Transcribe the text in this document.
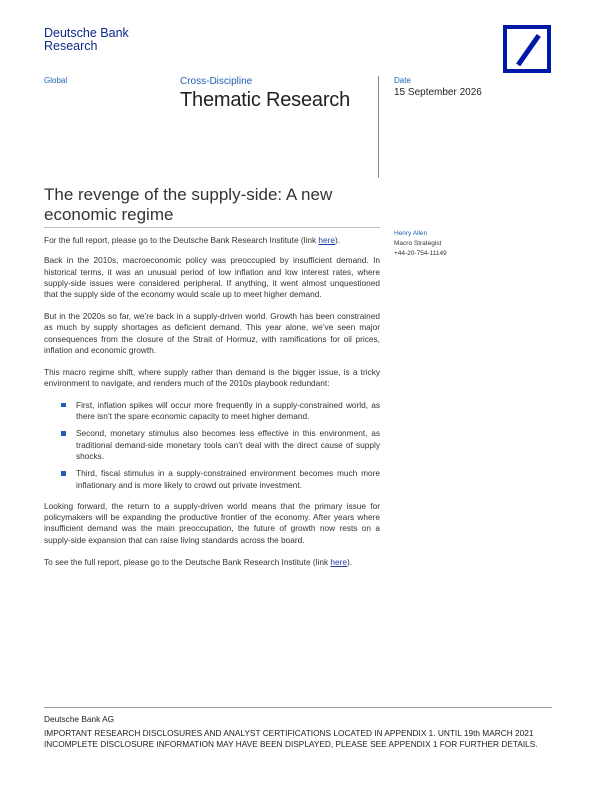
Deutsche Bank
Research
Global	Cross-Discipline
Thematic Research
Date
15 September 2026
The revenge of the supply-side: A new economic regime
Henry Allen
Macro Strategist
+44-20-754-11149

For the full report, please go to the Deutsche Bank Research Institute (link here).

Back in the 2010s, macroeconomic policy was preoccupied by insufficient demand. In historical terms, it was an unusual period of low inflation and low interest rates, where supply-side issues were considered peripheral. If anything, it went almost unquestioned that the supply side of the economy would scale up to meet higher demand.

But in the 2020s so far, we’re back in a supply-driven world. Growth has been constrained as much by supply shortages as deficient demand. This year alone, we’ve seen major consequences from the closure of the Strait of Hormuz, with ramifications for oil prices, inflation and economic growth.

This macro regime shift, where supply rather than demand is the bigger issue, is a tricky environment to navigate, and renders much of the 2010s playbook redundant:

First, inflation spikes will occur more frequently in a supply-constrained world, as there isn’t the spare economic capacity to meet higher demand.
Second, monetary stimulus also becomes less effective in this environment, as traditional demand-side monetary tools can’t deal with the direct cause of supply shocks.
Third, fiscal stimulus in a supply-constrained environment becomes much more inflationary and is more likely to crowd out private investment.

Looking forward, the return to a supply-driven world means that the primary issue for policymakers will be expanding the productive frontier of the economy. After years where insufficient demand was the main preoccupation, the future of growth now rests on a supply-side expansion that can raise living standards across the board.

To see the full report, please go to the Deutsche Bank Research Institute (link here).

Deutsche Bank AG
IMPORTANT RESEARCH DISCLOSURES AND ANALYST CERTIFICATIONS LOCATED IN APPENDIX 1. UNTIL 19th MARCH 2021 INCOMPLETE DISCLOSURE INFORMATION MAY HAVE BEEN DISPLAYED, PLEASE SEE APPENDIX 1 FOR FURTHER DETAILS.
